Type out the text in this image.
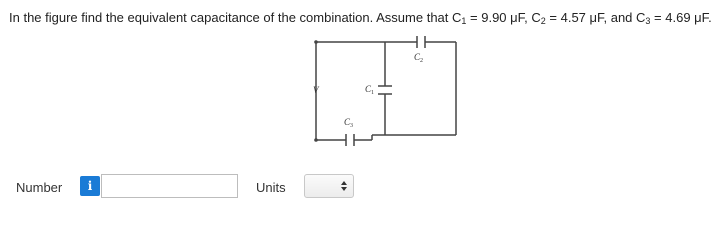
In the figure find the equivalent capacitance of the combination. Assume that $C_1 = 9.90$ μF, $C_2 = 4.57$ μF, and $C_3 = 4.69$ μF.
V	C 1
C 2
C 3
Number	i	Units
